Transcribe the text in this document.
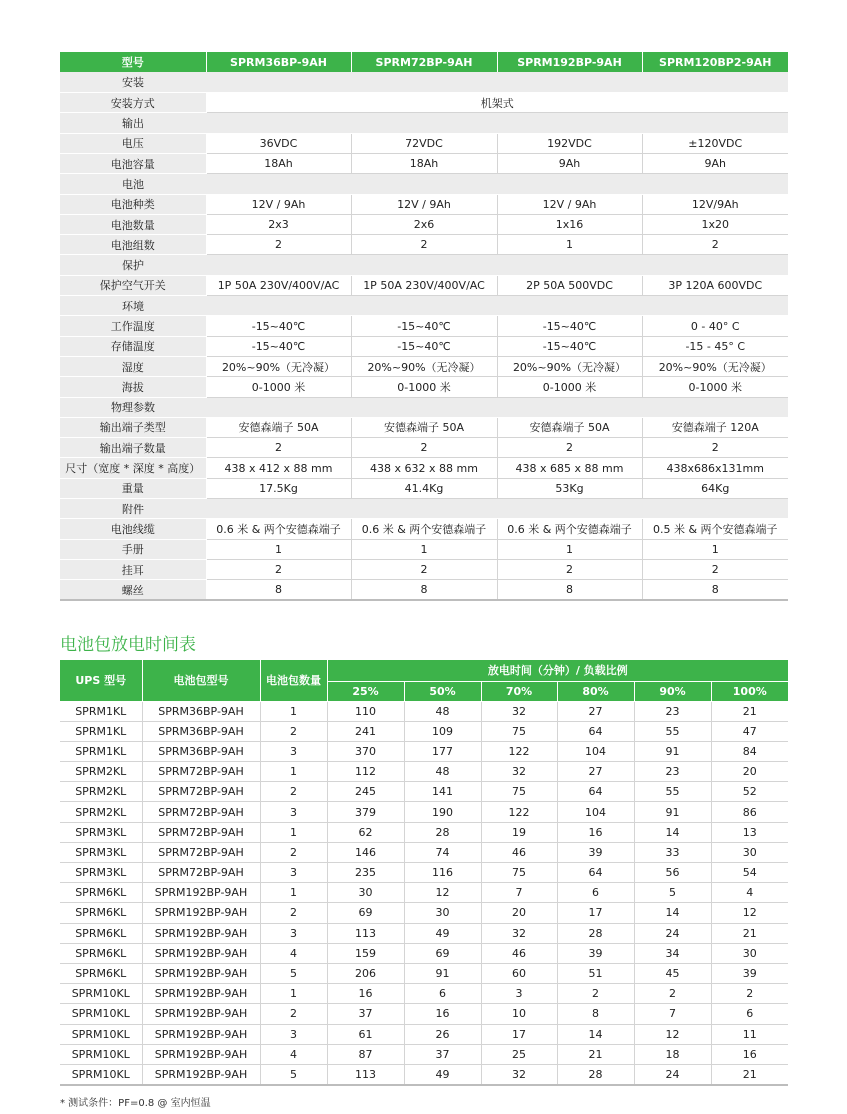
型号	SPRM36BP-9AH	SPRM72BP-9AH	SPRM192BP-9AH	SPRM120BP2-9AH
安装				
安装方式	机架式			
输出				
电压	36VDC	72VDC	192VDC	±120VDC
电池容量	18Ah	18Ah	9Ah	9Ah
电池				
电池种类	12V / 9Ah	12V / 9Ah	12V / 9Ah	12V/9Ah
电池数量	2x3	2x6	1x16	1x20
电池组数	2	2	1	2
保护				
保护空气开关	1P 50A 230V/400V/AC	1P 50A 230V/400V/AC	2P 50A 500VDC	3P 120A 600VDC
环境				
工作温度	-15~40℃	-15~40℃	-15~40℃	0 - 40° C
存储温度	-15~40℃	-15~40℃	-15~40℃	-15 - 45° C
湿度	20%~90%（无冷凝）	20%~90%（无冷凝）	20%~90%（无冷凝）	20%~90%（无冷凝）
海拔	0-1000 米	0-1000 米	0-1000 米	0-1000 米
物理参数				
输出端子类型	安德森端子 50A	安德森端子 50A	安德森端子 50A	安德森端子 120A
输出端子数量	2	2	2	2
尺寸（宽度 * 深度 * 高度）	438 x 412 x 88 mm	438 x 632 x 88 mm	438 x 685 x 88 mm	438x686x131mm
重量	17.5Kg	41.4Kg	53Kg	64Kg
附件				
电池线缆	0.6 米 & 两个安德森端子	0.6 米 & 两个安德森端子	0.6 米 & 两个安德森端子	0.5 米 & 两个安德森端子
手册	1	1	1	1
挂耳	2	2	2	2
螺丝	8	8	8	8
电池包放电时间表
UPS 型号	电池包型号	电池包数量	放电时间（分钟）/ 负载比例					
			25%	50%	70%	80%	90%	100%
SPRM1KL	SPRM36BP-9AH	1	110	48	32	27	23	21
SPRM1KL	SPRM36BP-9AH	2	241	109	75	64	55	47
SPRM1KL	SPRM36BP-9AH	3	370	177	122	104	91	84
SPRM2KL	SPRM72BP-9AH	1	112	48	32	27	23	20
SPRM2KL	SPRM72BP-9AH	2	245	141	75	64	55	52
SPRM2KL	SPRM72BP-9AH	3	379	190	122	104	91	86
SPRM3KL	SPRM72BP-9AH	1	62	28	19	16	14	13
SPRM3KL	SPRM72BP-9AH	2	146	74	46	39	33	30
SPRM3KL	SPRM72BP-9AH	3	235	116	75	64	56	54
SPRM6KL	SPRM192BP-9AH	1	30	12	7	6	5	4
SPRM6KL	SPRM192BP-9AH	2	69	30	20	17	14	12
SPRM6KL	SPRM192BP-9AH	3	113	49	32	28	24	21
SPRM6KL	SPRM192BP-9AH	4	159	69	46	39	34	30
SPRM6KL	SPRM192BP-9AH	5	206	91	60	51	45	39
SPRM10KL	SPRM192BP-9AH	1	16	6	3	2	2	2
SPRM10KL	SPRM192BP-9AH	2	37	16	10	8	7	6
SPRM10KL	SPRM192BP-9AH	3	61	26	17	14	12	11
SPRM10KL	SPRM192BP-9AH	4	87	37	25	21	18	16
SPRM10KL	SPRM192BP-9AH	5	113	49	32	28	24	21
* 测试条件：PF=0.8 @ 室内恒温
